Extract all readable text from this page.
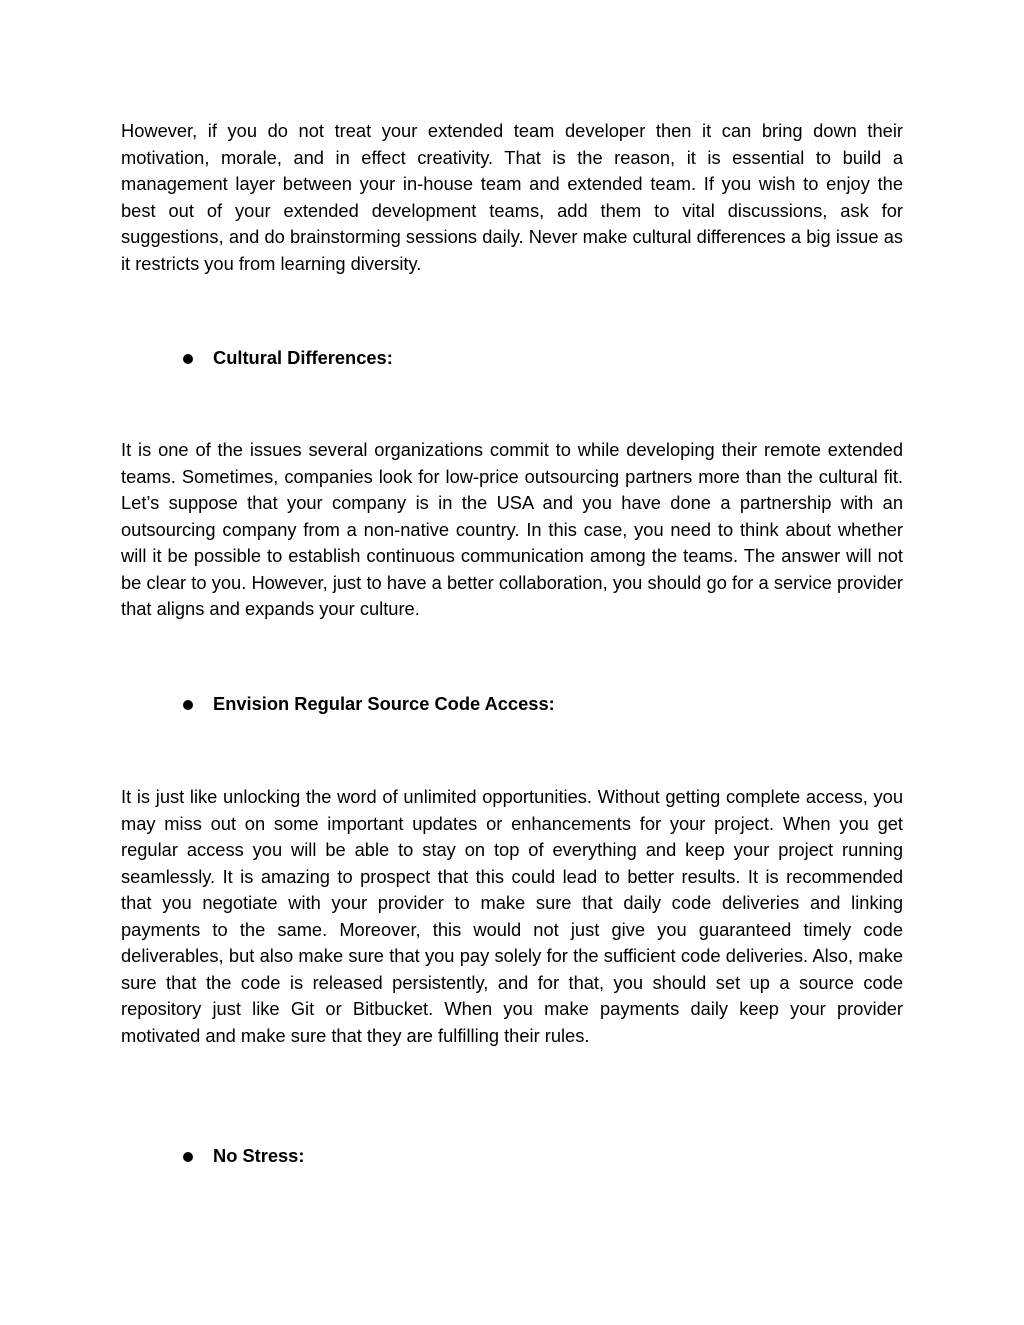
However, if you do not treat your extended team developer then it can bring down their motivation, morale, and in effect creativity. That is the reason, it is essential to build a management layer between your in-house team and extended team. If you wish to enjoy the best out of your extended development teams, add them to vital discussions, ask for suggestions, and do brainstorming sessions daily. Never make cultural differences a big issue as it restricts you from learning diversity.

Cultural Differences:

It is one of the issues several organizations commit to while developing their remote extended teams. Sometimes, companies look for low-price outsourcing partners more than the cultural fit. Let’s suppose that your company is in the USA and you have done a partnership with an outsourcing company from a non-native country. In this case, you need to think about whether will it be possible to establish continuous communication among the teams. The answer will not be clear to you. However, just to have a better collaboration, you should go for a service provider that aligns and expands your culture.

Envision Regular Source Code Access:

It is just like unlocking the word of unlimited opportunities. Without getting complete access, you may miss out on some important updates or enhancements for your project. When you get regular access you will be able to stay on top of everything and keep your project running seamlessly. It is amazing to prospect that this could lead to better results. It is recommended that you negotiate with your provider to make sure that daily code deliveries and linking payments to the same. Moreover, this would not just give you guaranteed timely code deliverables, but also make sure that you pay solely for the sufficient code deliveries. Also, make sure that the code is released persistently, and for that, you should set up a source code repository just like Git or Bitbucket. When you make payments daily keep your provider motivated and make sure that they are fulfilling their rules.

No Stress:
